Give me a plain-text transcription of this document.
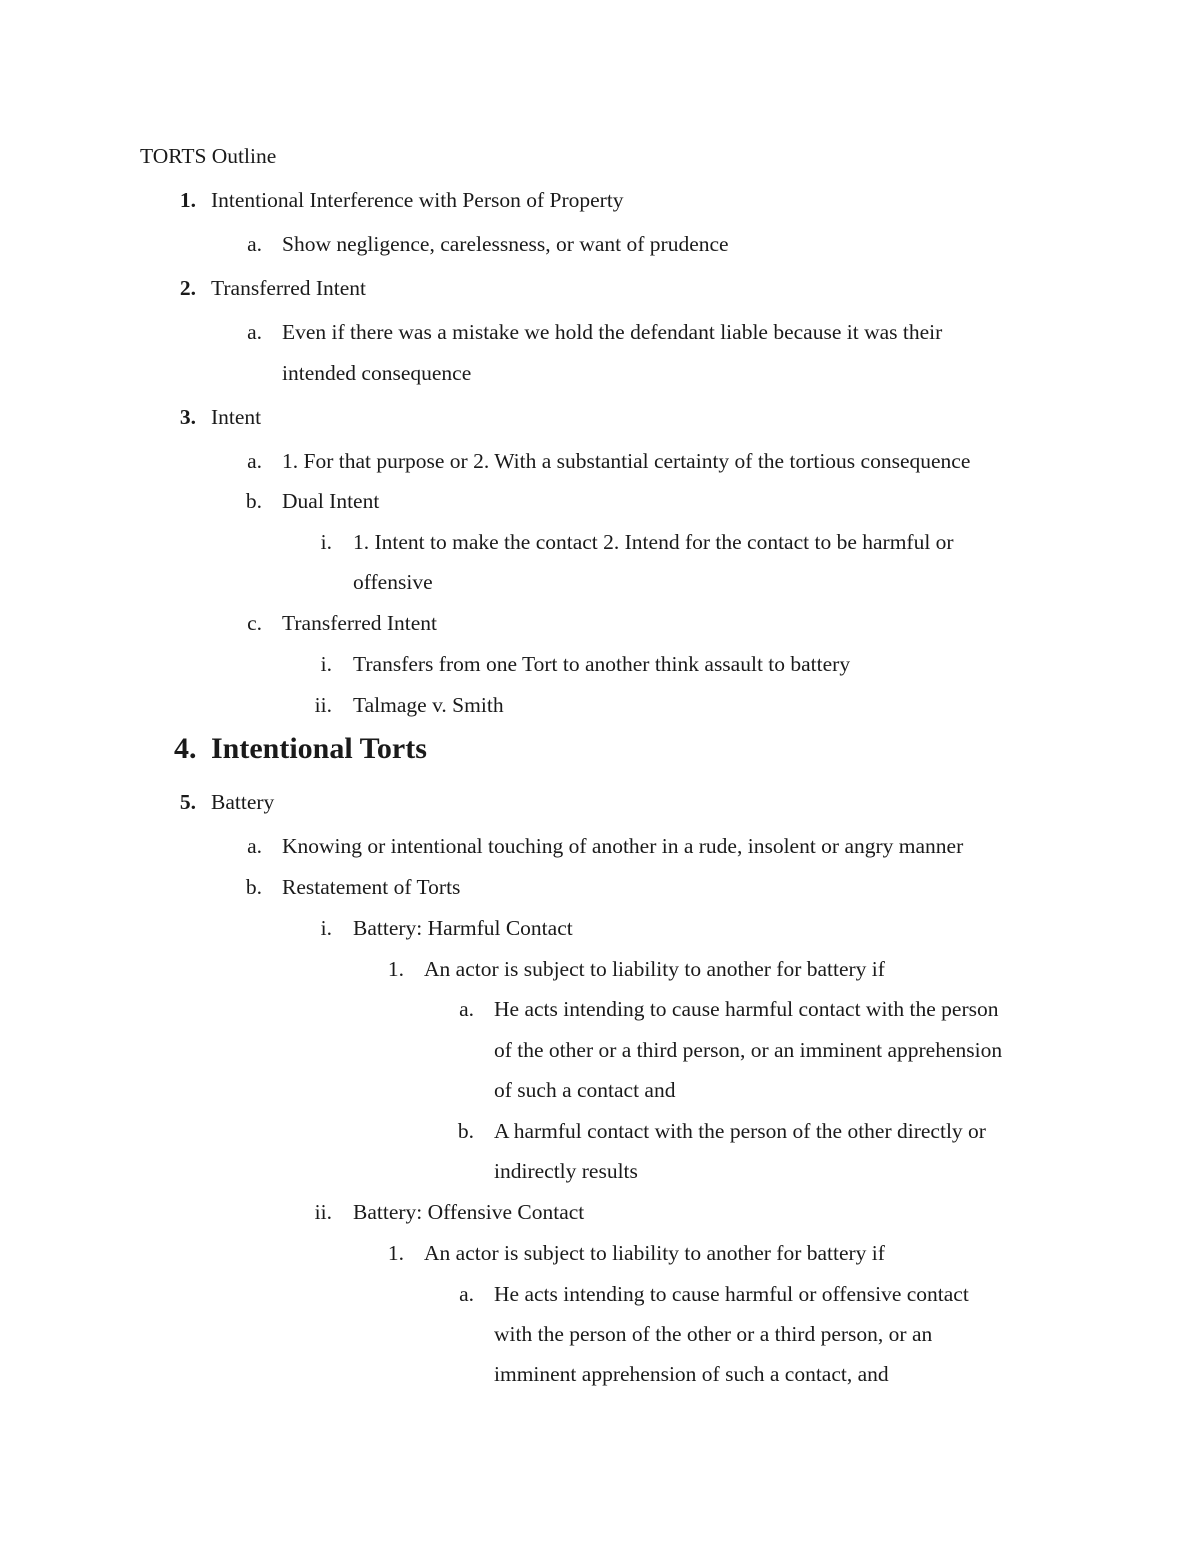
TORTS Outline
1. Intentional Interference with Person of Property
a. Show negligence, carelessness, or want of prudence
2. Transferred Intent
a. Even if there was a mistake we hold the defendant liable because it was their
intended consequence
3. Intent
a. 1. For that purpose or 2. With a substantial certainty of the tortious consequence
b. Dual Intent
i. 1. Intent to make the contact 2. Intend for the contact to be harmful or
offensive
c. Transferred Intent
i. Transfers from one Tort to another think assault to battery
ii. Talmage v. Smith
4. Intentional Torts
5. Battery
a. Knowing or intentional touching of another in a rude, insolent or angry manner
b. Restatement of Torts
i. Battery: Harmful Contact
1. An actor is subject to liability to another for battery if
a. He acts intending to cause harmful contact with the person
of the other or a third person, or an imminent apprehension
of such a contact and
b. A harmful contact with the person of the other directly or
indirectly results
ii. Battery: Offensive Contact
1. An actor is subject to liability to another for battery if
a. He acts intending to cause harmful or offensive contact
with the person of the other or a third person, or an
imminent apprehension of such a contact, and
